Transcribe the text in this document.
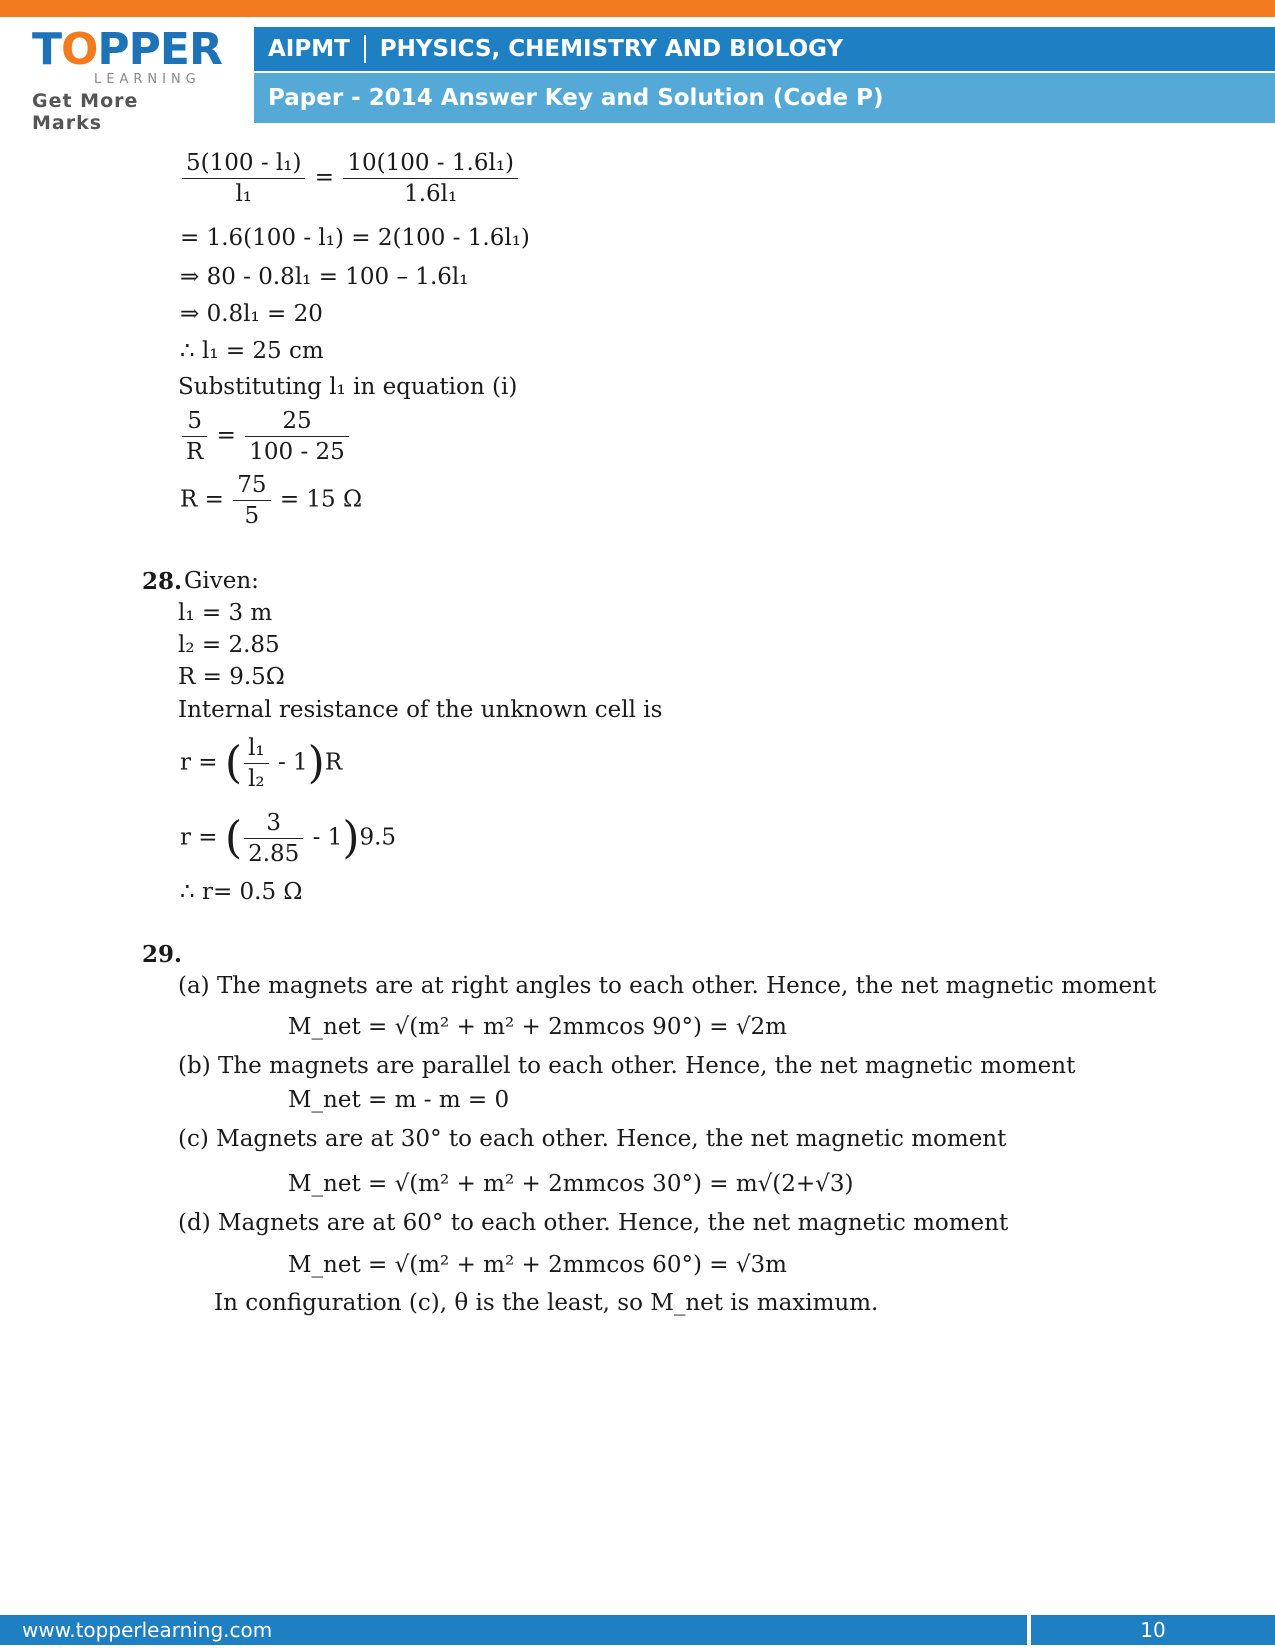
TOPPER
LEARNING
Get More Marks
AIPMT PHYSICS, CHEMISTRY AND BIOLOGY
Paper - 2014 Answer Key and Solution (Code P)
$\frac{\text{5(100 - l₁)}}{\text{l₁}} = \frac{\text{10(100 - 1.6l₁)}}{\text{1.6l₁}}$
= 1.6(100 - l₁) = 2(100 - 1.6l₁)
⇒ 80 - 0.8l₁ = 100 – 1.6l₁
⇒ 0.8l₁ = 20
∴ l₁ = 25 cm
Substituting l₁ in equation (i)
$\frac{5}{R} = \frac{25}{100 - 25}$
$R = \frac{75}{5} = 15$ Ω
28. Given:
l₁ = 3 m
l₂ = 2.85
R = 9.5Ω
Internal resistance of the unknown cell is
r = ( $\frac{\text{l₁}}{\text{l₂}} - 1)R$
r = ( $\frac{3}{2.85} - 1)9.5$
∴ r= 0.5 Ω
29.
(a) The magnets are at right angles to each other. Hence, the net magnetic moment
M_net = √(m² + m² + 2mmcos 90°) = √2m
(b) The magnets are parallel to each other. Hence, the net magnetic moment
M_net = m - m = 0
(c) Magnets are at 30° to each other. Hence, the net magnetic moment
M_net = √(m² + m² + 2mmcos 30°) = m√(2+√3)
(d) Magnets are at 60° to each other. Hence, the net magnetic moment
M_net = √(m² + m² + 2mmcos 60°) = √3m
In configuration (c), θ is the least, so M_net is maximum.
www.topperlearning.com	10
